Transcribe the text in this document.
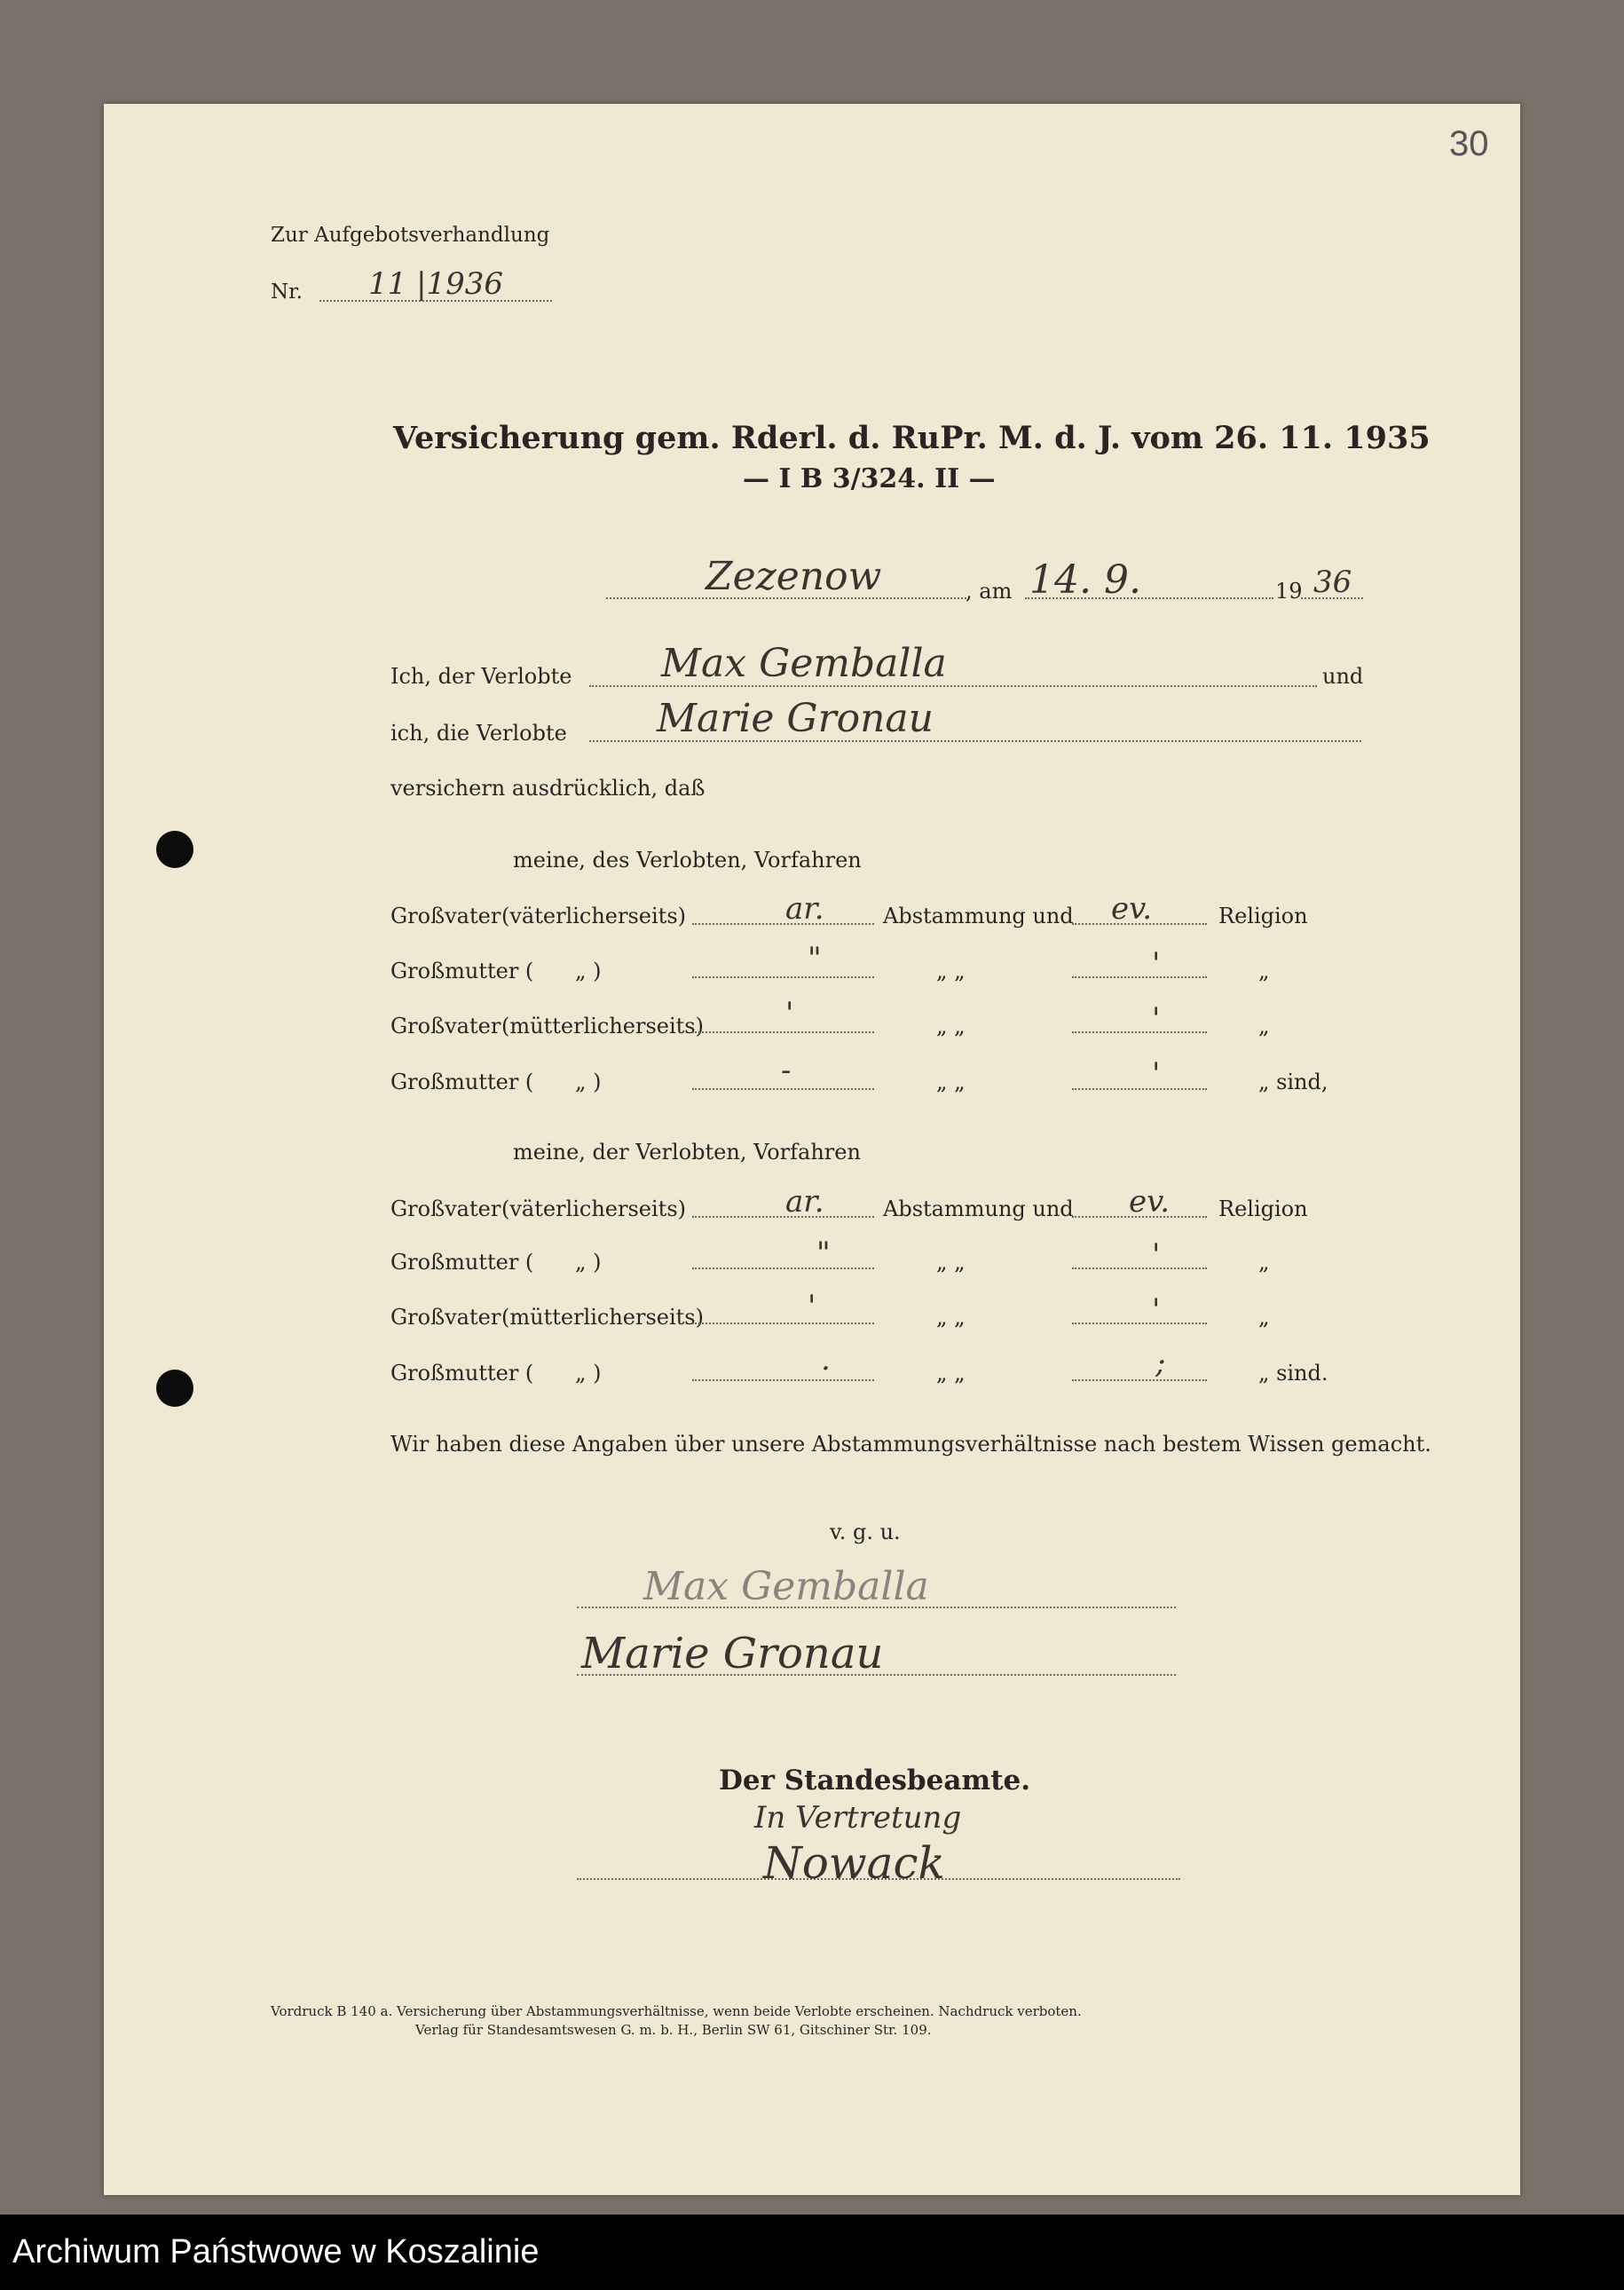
30
Zur Aufgebotsverhandlung
Nr. 11 |1936
Versicherung gem. Rderl. d. RuPr. M. d. J. vom 26. 11. 1935
— I B 3/324. II —
Zezenow	, am 14. 9.	19 36
Ich, der Verlobte Max Gemballa	und
ich, die Verlobte Marie Gronau
versichern ausdrücklich, daß
meine, des Verlobten, Vorfahren
Großvater (väterlicherseits)	ar.	Abstammung und ev.	Religion
Großmutter ( „ )	"	„ „	'	„
Großvater (mütterlicherseits)	'	„ „	'	„
Großmutter ( „ )	-	„ „	'	„ sind,
meine, der Verlobten, Vorfahren
Großvater (väterlicherseits)	ar.	Abstammung und ev. Religion
Großmutter ( „ )	"	„ „	'	„
Großvater (mütterlicherseits)	'	„ „	'	„
Großmutter ( „ )	.	„ „	;	„ sind.
Wir haben diese Angaben über unsere Abstammungsverhältnisse nach bestem Wissen gemacht.
v. g. u.
Max Gemballa
Marie Gronau
Der Standesbeamte.
In Vertretung
Nowack
Vordruck B 140 a. Versicherung über Abstammungsverhältnisse, wenn beide Verlobte erscheinen. Nachdruck verboten.
Verlag für Standesamtswesen G. m. b. H., Berlin SW 61, Gitschiner Str. 109.
Archiwum Państwowe w Koszalinie
